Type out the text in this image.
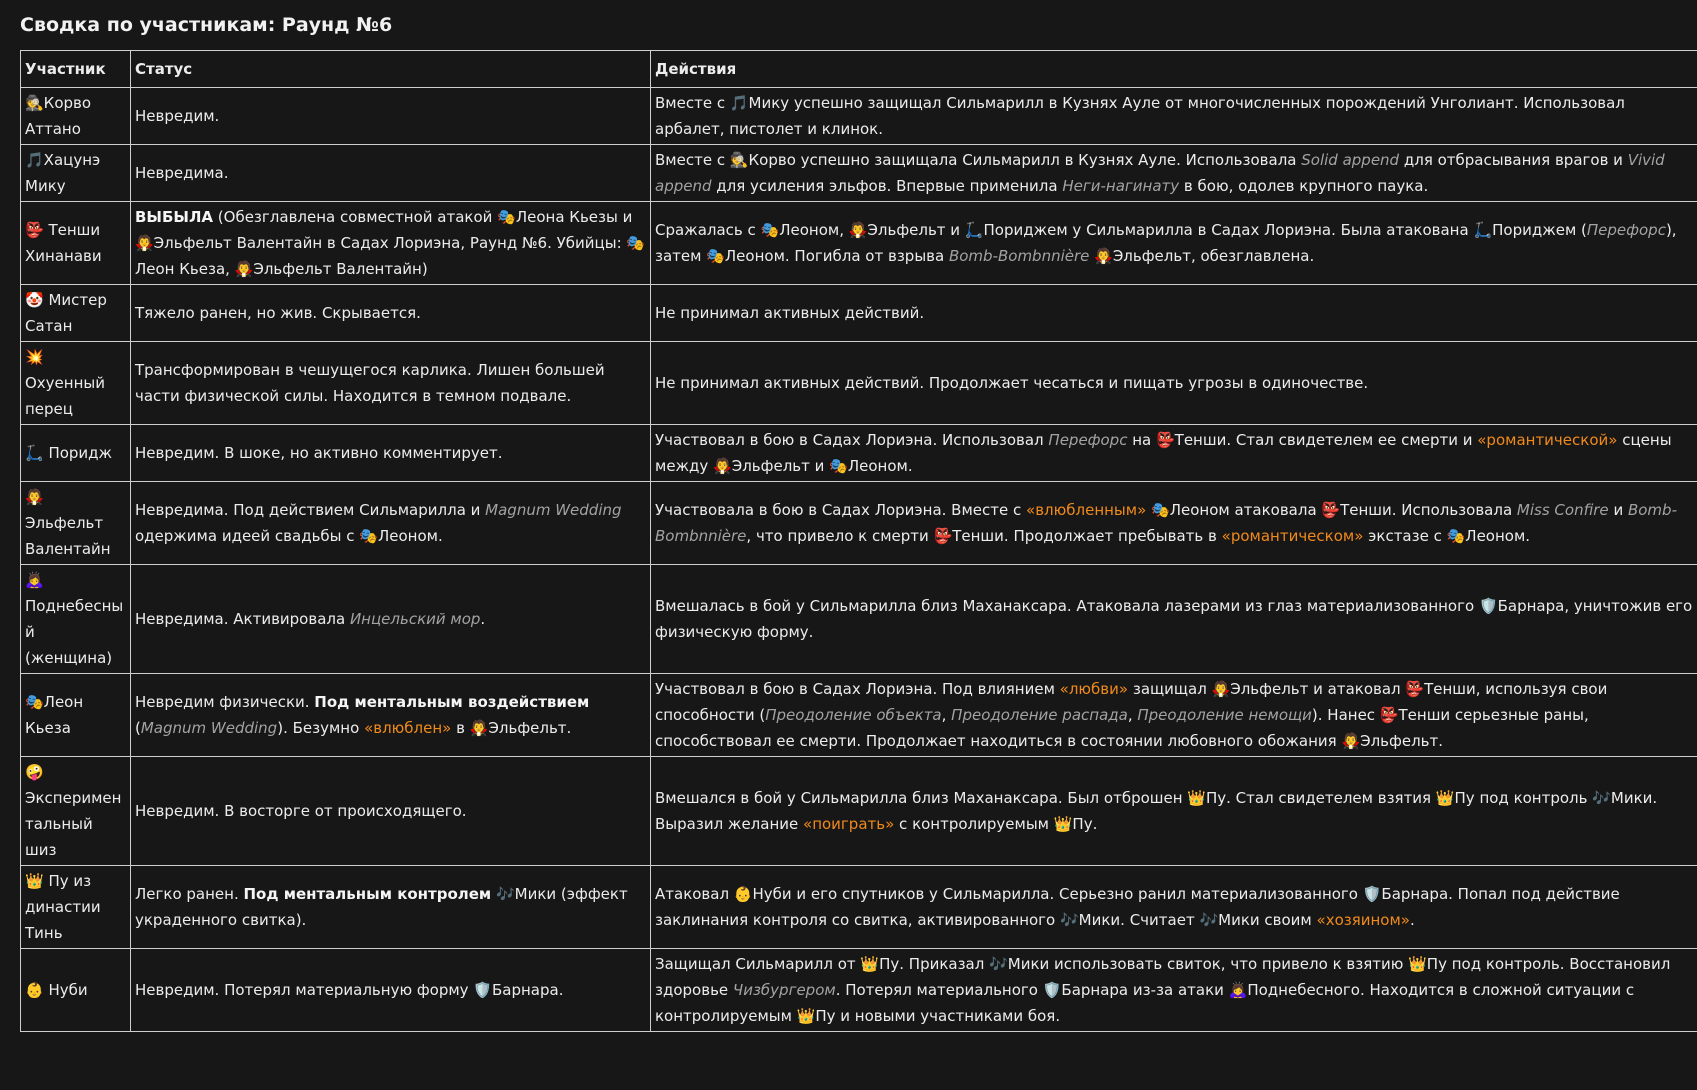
Сводка по участникам: Раунд №6
Участник	Статус	Действия
🕵️Корво Аттано	Невредим.	Вместе с 🎵Мику успешно защищал Сильмарилл в Кузнях Ауле от многочисленных порождений Унголиант. Использовал арбалет, пистолет и клинок.
🎵Хацунэ Мику	Невредима.	Вместе с 🕵️Корво успешно защищала Сильмарилл в Кузнях Ауле. Использовала Solid append для отбрасывания врагов и Vivid append для усиления эльфов. Впервые применила Неги-нагинату в бою, одолев крупного паука.
👺 Тенши Хинанави	ВЫБЫЛА (Обезглавлена совместной атакой 🎭Леона Кьезы и 🧛Эльфельт Валентайн в Садах Лориэна, Раунд №6. Убийцы: 🎭Леон Кьеза, 🧛Эльфельт Валентайн)	Сражалась с 🎭Леоном, 🧛Эльфельт и 🛴Пориджем у Сильмарилла в Садах Лориэна. Была атакована 🛴Пориджем (Перефорс), затем 🎭Леоном. Погибла от взрыва Bomb-Bombnnière 🧛Эльфельт, обезглавлена.
🤡 Мистер Сатан	Тяжело ранен, но жив. Скрывается.	Не принимал активных действий.
💥 Охуенный перец	Трансформирован в чешущегося карлика. Лишен большей части физической силы. Находится в темном подвале.	Не принимал активных действий. Продолжает чесаться и пищать угрозы в одиночестве.
🛴 Поридж	Невредим. В шоке, но активно комментирует.	Участвовал в бою в Садах Лориэна. Использовал Перефорс на 👺Тенши. Стал свидетелем ее смерти и «романтической» сцены между 🧛Эльфельт и 🎭Леоном.
🧛 Эльфельт Валентайн	Невредима. Под действием Сильмарилла и Magnum Wedding одержима идеей свадьбы с 🎭Леоном.	Участвовала в бою в Садах Лориэна. Вместе с «влюбленным» 🎭Леоном атаковала 👺Тенши. Использовала Miss Confire и Bomb-Bombnnière, что привело к смерти 👺Тенши. Продолжает пребывать в «романтическом» экстазе с 🎭Леоном.
🙇‍♀️ Поднебесный (женщина)	Невредима. Активировала Инцельский мор.	Вмешалась в бой у Сильмарилла близ Маханаксара. Атаковала лазерами из глаз материализованного 🛡️Барнара, уничтожив его физическую форму.
🎭Леон Кьеза	Невредим физически. Под ментальным воздействием (Magnum Wedding). Безумно «влюблен» в 🧛Эльфельт.	Участвовал в бою в Садах Лориэна. Под влиянием «любви» защищал 🧛Эльфельт и атаковал 👺Тенши, используя свои способности (Преодоление объекта, Преодоление распада, Преодоление немощи). Нанес 👺Тенши серьезные раны, способствовал ее смерти. Продолжает находиться в состоянии любовного обожания 🧛Эльфельт.
🤪 Экспериментальный шиз	Невредим. В восторге от происходящего.	Вмешался в бой у Сильмарилла близ Маханаксара. Был отброшен 👑Пу. Стал свидетелем взятия 👑Пу под контроль 🎶Мики. Выразил желание «поиграть» с контролируемым 👑Пу.
👑 Пу из династии Тинь	Легко ранен. Под ментальным контролем 🎶Мики (эффект украденного свитка).	Атаковал 👶Нуби и его спутников у Сильмарилла. Серьезно ранил материализованного 🛡️Барнара. Попал под действие заклинания контроля со свитка, активированного 🎶Мики. Считает 🎶Мики своим «хозяином».
👶 Нуби	Невредим. Потерял материальную форму 🛡️Барнара.	Защищал Сильмарилл от 👑Пу. Приказал 🎶Мики использовать свиток, что привело к взятию 👑Пу под контроль. Восстановил здоровье Чизбургером. Потерял материального 🛡️Барнара из-за атаки 🙇‍♀️Поднебесного. Находится в сложной ситуации с контролируемым 👑Пу и новыми участниками боя.
